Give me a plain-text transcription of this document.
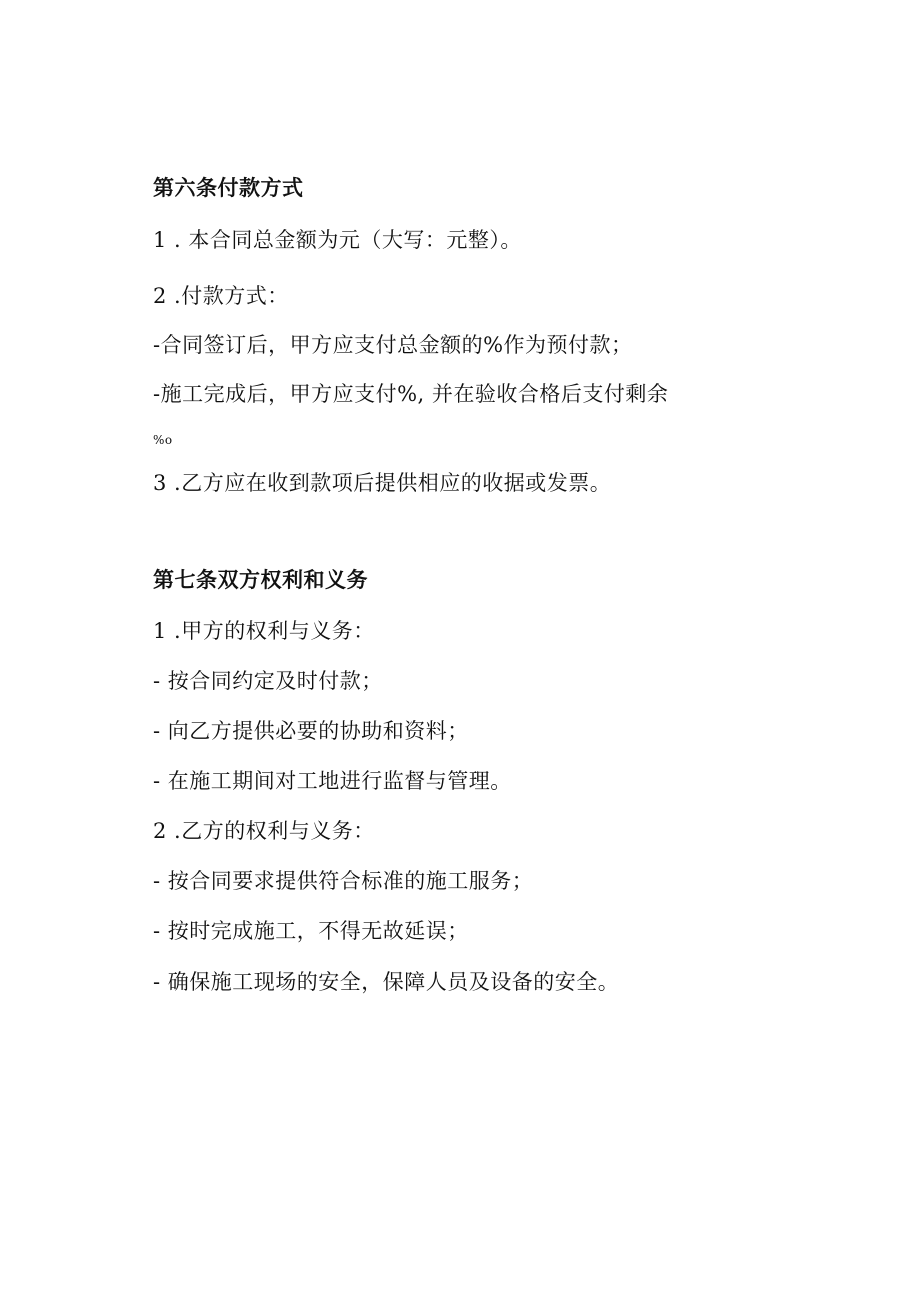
第六条付款方式
1 . 本合同总金额为元（大写：元整）。
2 .付款方式：
-合同签订后，甲方应支付总金额的%作为预付款；
-施工完成后，甲方应支付%, 并在验收合格后支付剩余
%o
3 .乙方应在收到款项后提供相应的收据或发票。
第七条双方权利和义务
1 .甲方的权利与义务：
- 按合同约定及时付款；
- 向乙方提供必要的协助和资料；
- 在施工期间对工地进行监督与管理。
2 .乙方的权利与义务：
- 按合同要求提供符合标准的施工服务；
- 按时完成施工，不得无故延误；
- 确保施工现场的安全，保障人员及设备的安全。
